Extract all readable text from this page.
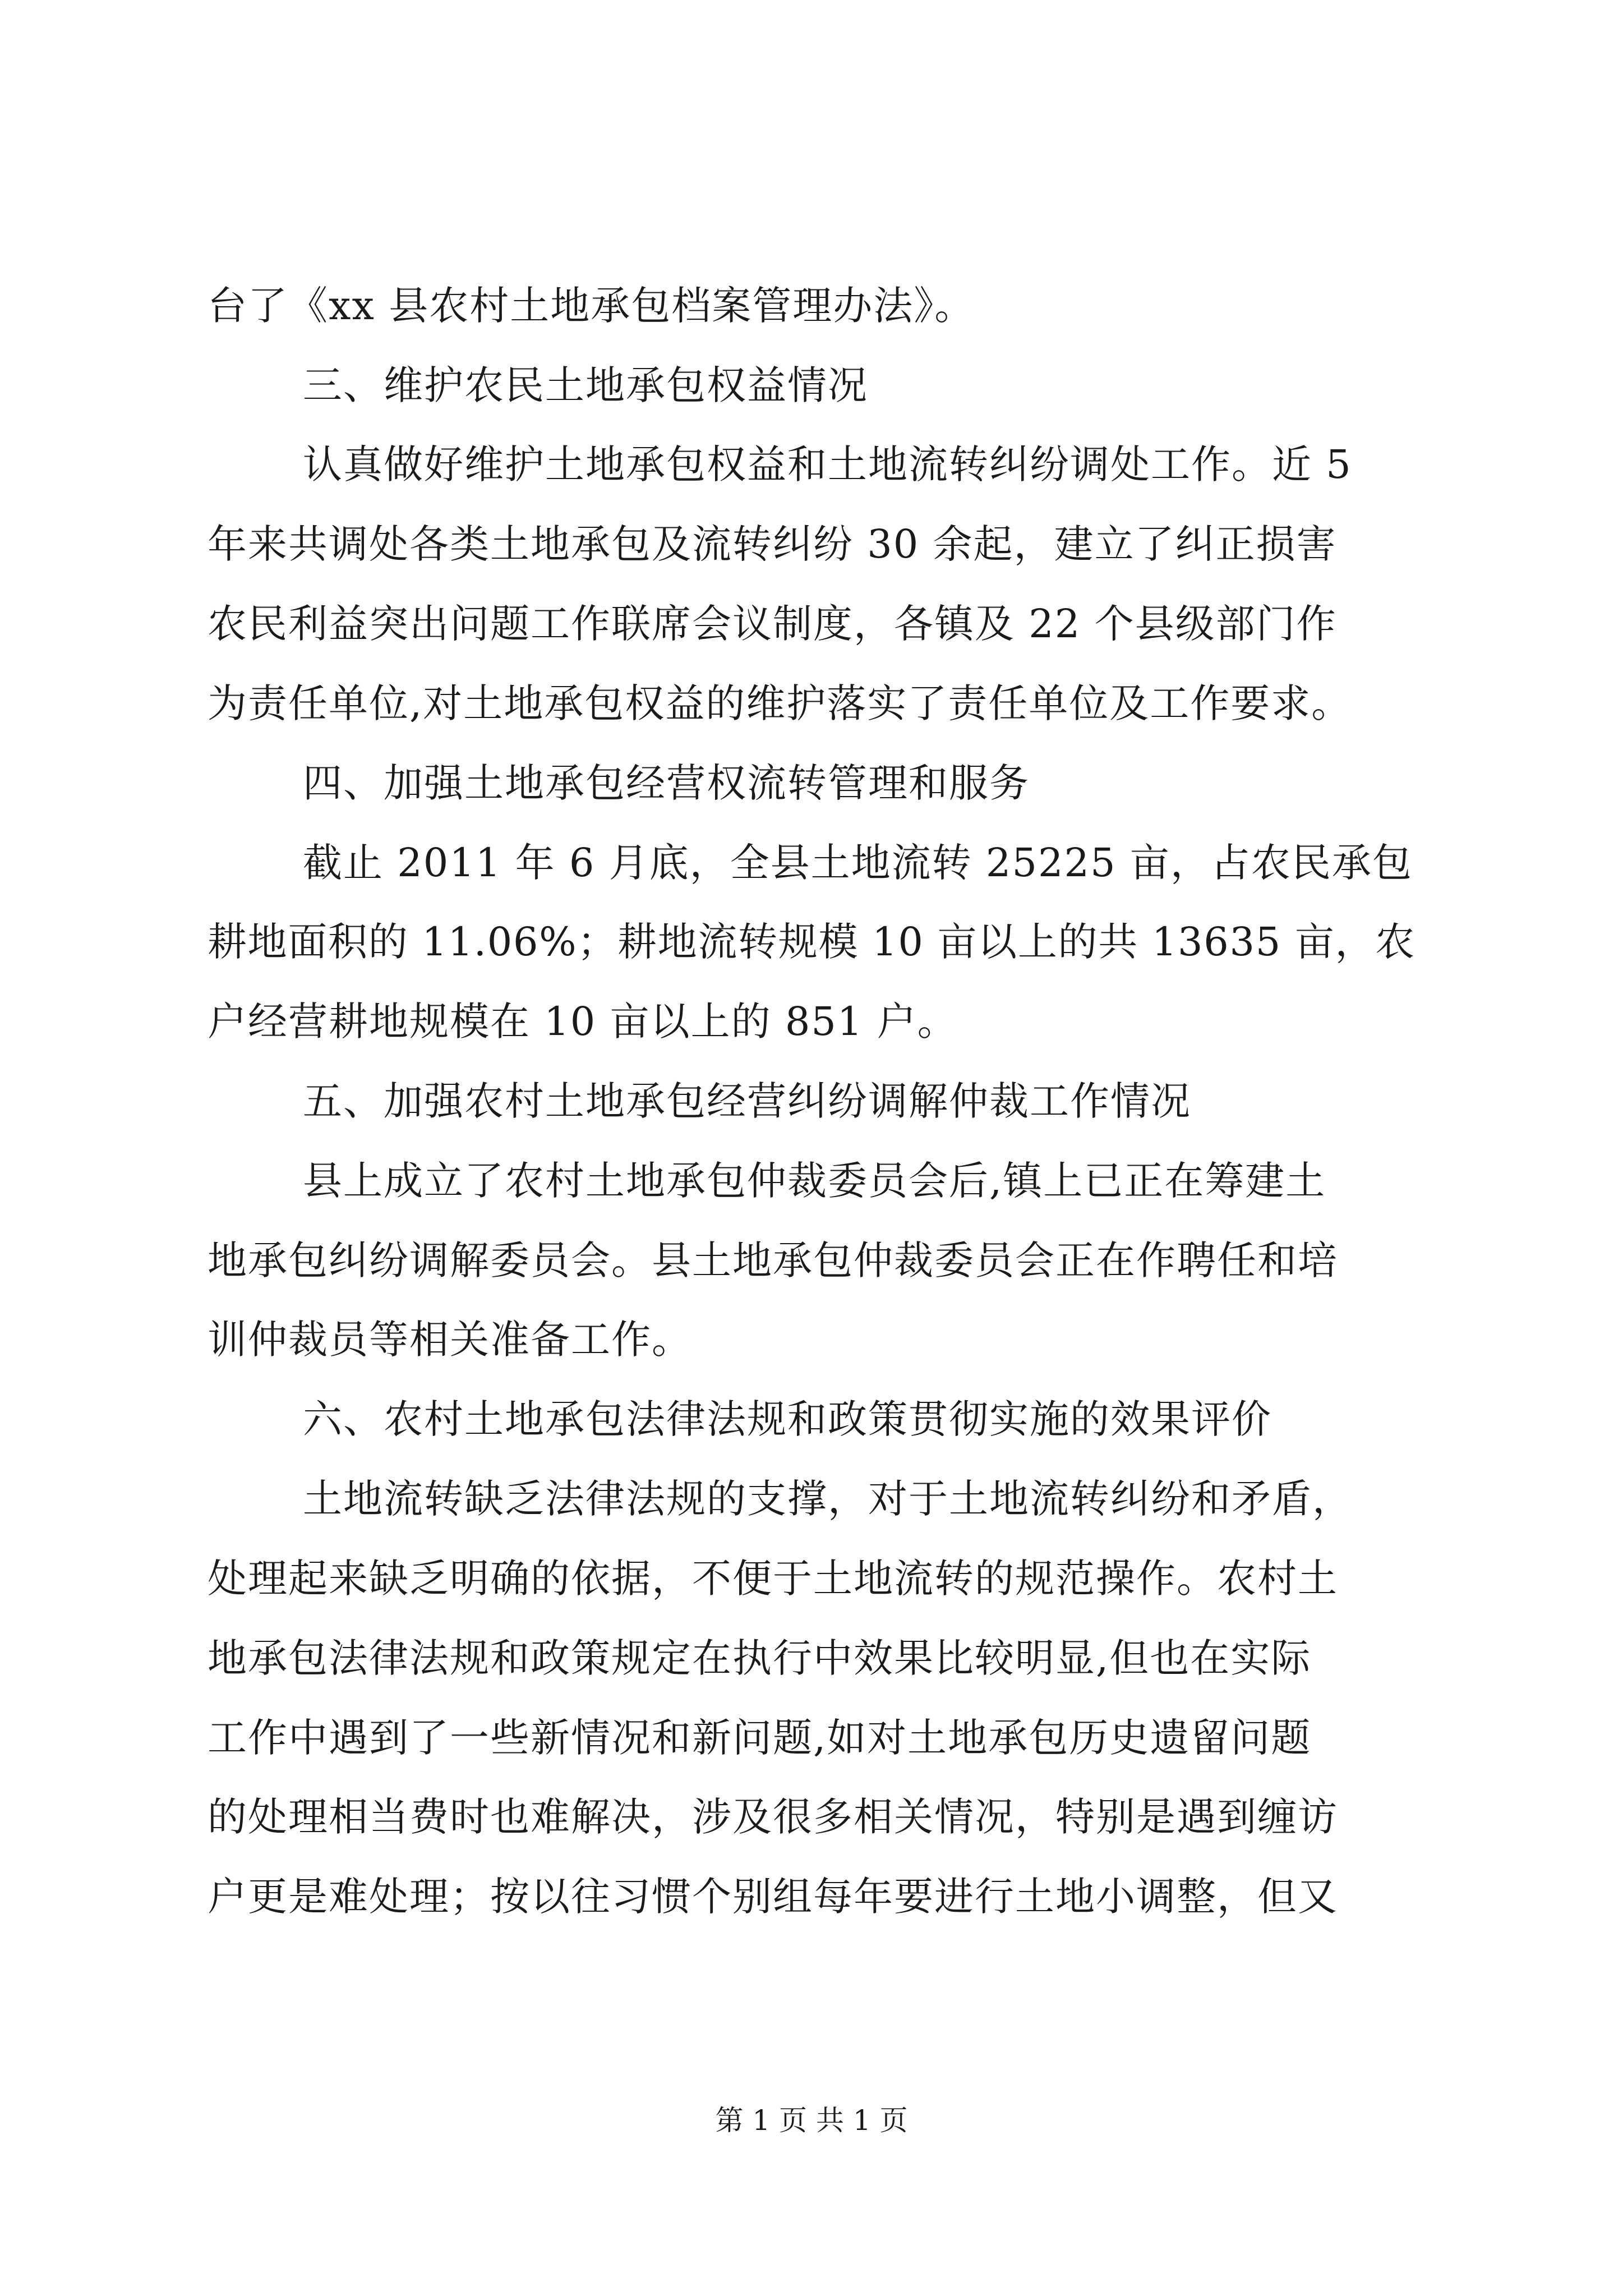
台了《xx 县农村土地承包档案管理办法》。
三、维护农民土地承包权益情况
认真做好维护土地承包权益和土地流转纠纷调处工作。近 5
年来共调处各类土地承包及流转纠纷 30 余起，建立了纠正损害
农民利益突出问题工作联席会议制度，各镇及 22 个县级部门作
为责任单位,对土地承包权益的维护落实了责任单位及工作要求。
四、加强土地承包经营权流转管理和服务
截止 2011 年 6 月底，全县土地流转 25225 亩，占农民承包
耕地面积的 11.06%；耕地流转规模 10 亩以上的共 13635 亩，农
户经营耕地规模在 10 亩以上的 851 户。
五、加强农村土地承包经营纠纷调解仲裁工作情况
县上成立了农村土地承包仲裁委员会后,镇上已正在筹建土
地承包纠纷调解委员会。县土地承包仲裁委员会正在作聘任和培
训仲裁员等相关准备工作。
六、农村土地承包法律法规和政策贯彻实施的效果评价
土地流转缺乏法律法规的支撑，对于土地流转纠纷和矛盾，
处理起来缺乏明确的依据，不便于土地流转的规范操作。农村土
地承包法律法规和政策规定在执行中效果比较明显,但也在实际
工作中遇到了一些新情况和新问题,如对土地承包历史遗留问题
的处理相当费时也难解决，涉及很多相关情况，特别是遇到缠访
户更是难处理；按以往习惯个别组每年要进行土地小调整，但又
第 1 页 共 1 页
